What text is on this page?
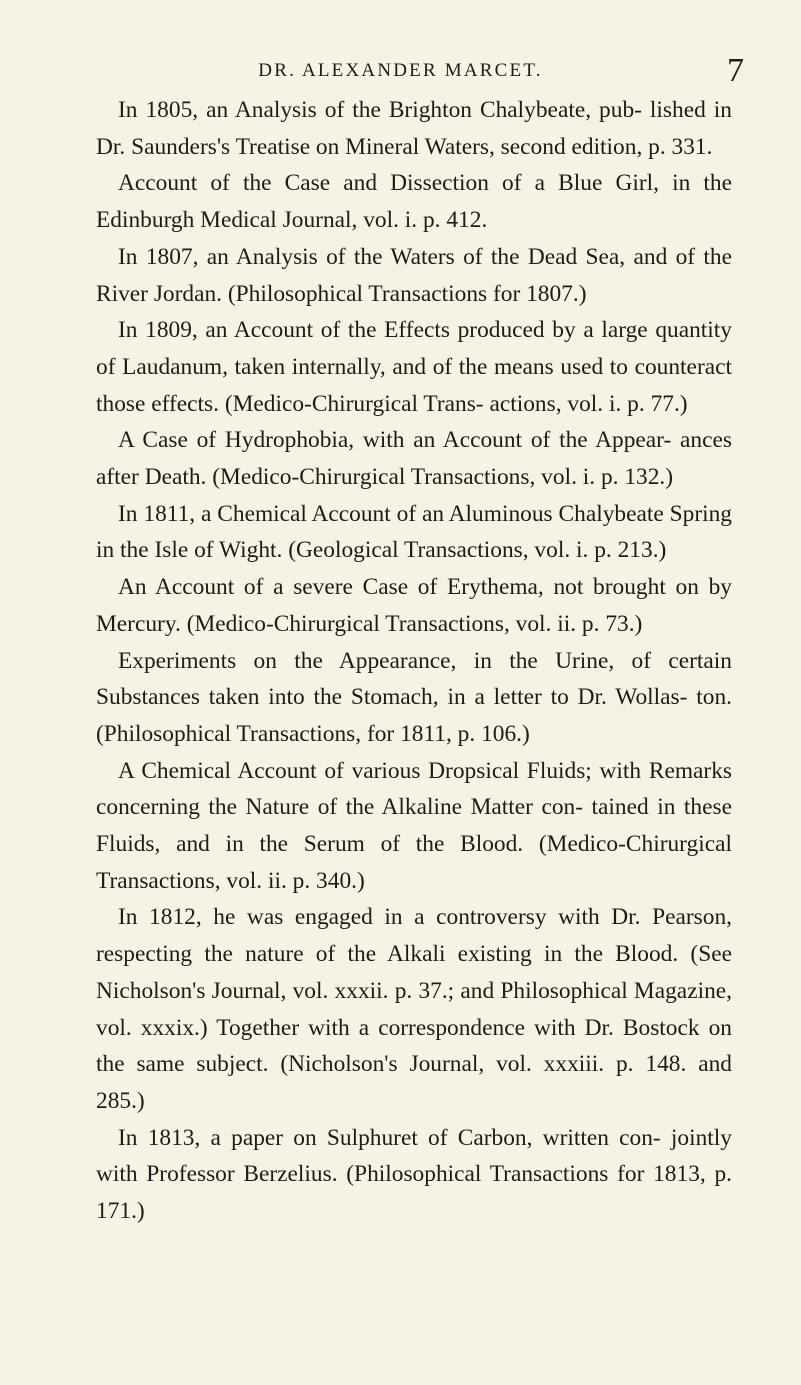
DR. ALEXANDER MARCET.	7

In 1805, an Analysis of the Brighton Chalybeate, pub- lished in Dr. Saunders's Treatise on Mineral Waters, second edition, p. 331.

Account of the Case and Dissection of a Blue Girl, in the Edinburgh Medical Journal, vol. i. p. 412.

In 1807, an Analysis of the Waters of the Dead Sea, and of the River Jordan. (Philosophical Transactions for 1807.)

In 1809, an Account of the Effects produced by a large quantity of Laudanum, taken internally, and of the means used to counteract those effects. (Medico-Chirurgical Trans- actions, vol. i. p. 77.)

A Case of Hydrophobia, with an Account of the Appear- ances after Death. (Medico-Chirurgical Transactions, vol. i. p. 132.)

In 1811, a Chemical Account of an Aluminous Chalybeate Spring in the Isle of Wight. (Geological Transactions, vol. i. p. 213.)

An Account of a severe Case of Erythema, not brought on by Mercury. (Medico-Chirurgical Transactions, vol. ii. p. 73.)

Experiments on the Appearance, in the Urine, of certain Substances taken into the Stomach, in a letter to Dr. Wollas- ton. (Philosophical Transactions, for 1811, p. 106.)

A Chemical Account of various Dropsical Fluids; with Remarks concerning the Nature of the Alkaline Matter con- tained in these Fluids, and in the Serum of the Blood. (Medico-Chirurgical Transactions, vol. ii. p. 340.)

In 1812, he was engaged in a controversy with Dr. Pearson, respecting the nature of the Alkali existing in the Blood. (See Nicholson's Journal, vol. xxxii. p. 37.; and Philosophical Magazine, vol. xxxix.) Together with a correspondence with Dr. Bostock on the same subject. (Nicholson's Journal, vol. xxxiii. p. 148. and 285.)

In 1813, a paper on Sulphuret of Carbon, written con- jointly with Professor Berzelius. (Philosophical Transactions for 1813, p. 171.)
